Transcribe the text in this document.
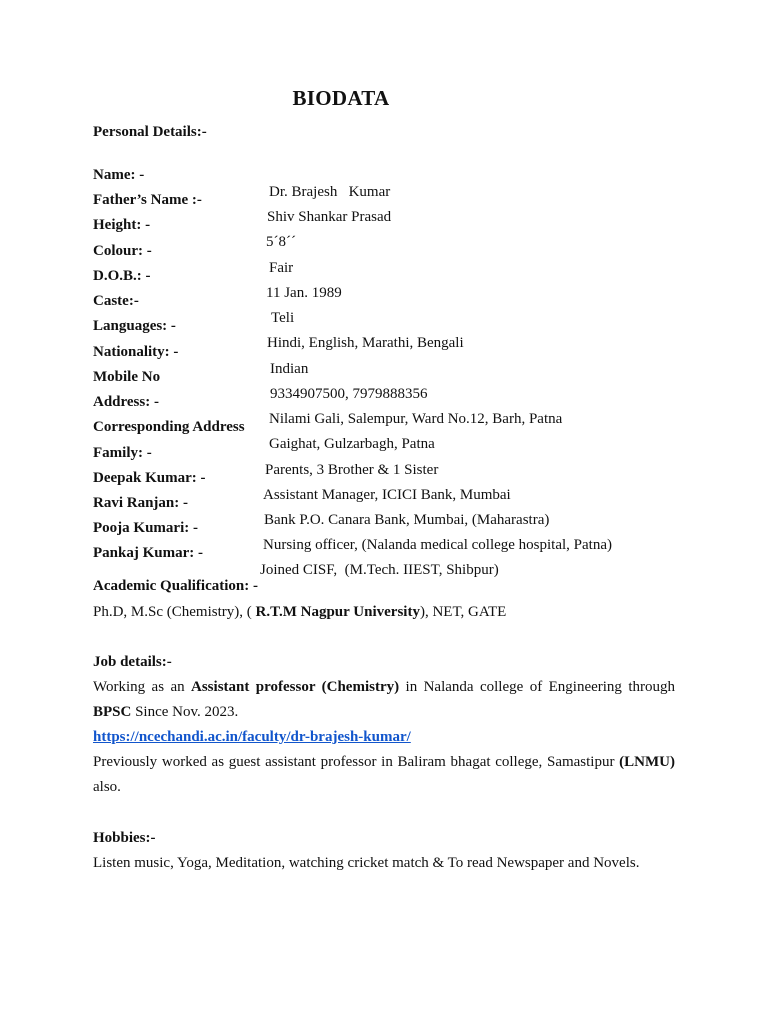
BIODATA
Personal Details:-

Name: -

Dr. Brajesh   Kumar

Father’s Name :-

Shiv Shankar Prasad

Height: -

5´8´´

Colour: -

Fair

D.O.B.: -

11 Jan. 1989

Caste:-

Teli

Languages: -

Hindi, English, Marathi, Bengali

Nationality: -

Indian

Mobile No

9334907500, 7979888356

Address: -

Nilami Gali, Salempur, Ward No.12, Barh, Patna

Corresponding Address

Gaighat, Gulzarbagh, Patna

Family: -

Parents, 3 Brother & 1 Sister

Deepak Kumar: -

Assistant Manager, ICICI Bank, Mumbai

Ravi Ranjan: -

Bank P.O. Canara Bank, Mumbai, (Maharastra)

Pooja Kumari: -

Nursing officer, (Nalanda medical college hospital, Patna)

Pankaj Kumar: -

Joined CISF,  (M.Tech. IIEST, Shibpur)

Academic Qualification: -
Ph.D, M.Sc (Chemistry), ( R.T.M Nagpur University), NET, GATE
Job details:-
Working as an Assistant professor (Chemistry) in Nalanda college of Engineering through BPSC Since Nov. 2023.
https://ncechandi.ac.in/faculty/dr-brajesh-kumar/
Previously worked as guest assistant professor in Baliram bhagat college, Samastipur (LNMU) also.
Hobbies:-
Listen music, Yoga, Meditation, watching cricket match & To read Newspaper and Novels.
